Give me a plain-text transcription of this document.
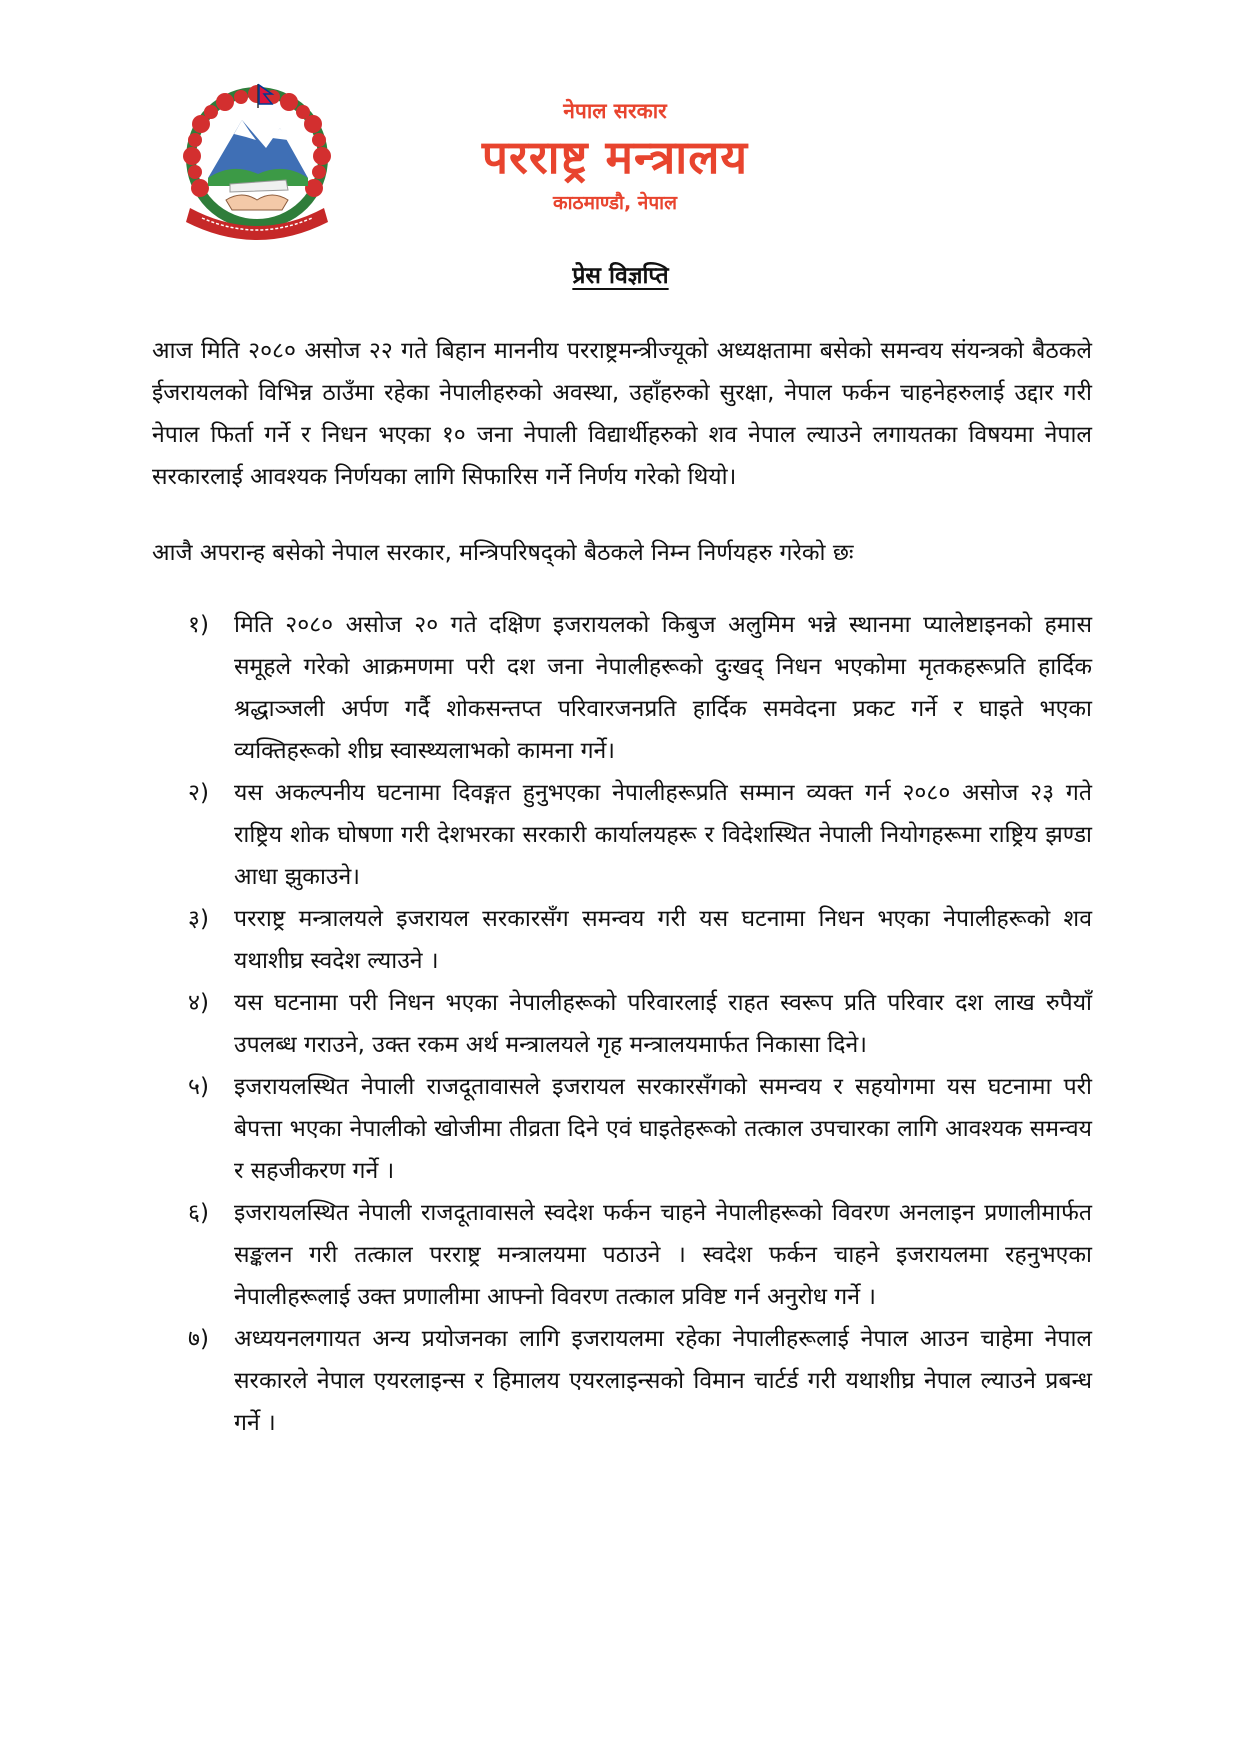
नेपाल सरकार
परराष्ट्र मन्त्रालय
काठमाण्डौ, नेपाल
प्रेस विज्ञप्ति

आज मिति २०८० असोज २२ गते बिहान माननीय परराष्ट्रमन्त्रीज्यूको अध्यक्षतामा बसेको समन्वय संयन्त्रको बैठकले ईजरायलको विभिन्न ठाउँमा रहेका नेपालीहरुको अवस्था, उहाँहरुको सुरक्षा, नेपाल फर्कन चाहनेहरुलाई उद्दार गरी नेपाल फिर्ता गर्ने र निधन भएका १० जना नेपाली विद्यार्थीहरुको शव नेपाल ल्याउने लगायतका विषयमा नेपाल सरकारलाई आवश्यक निर्णयका लागि सिफारिस गर्ने निर्णय गरेको थियो।

आजै अपरान्ह बसेको नेपाल सरकार, मन्त्रिपरिषद्को बैठकले निम्न निर्णयहरु गरेको छः

१)	मिति २०८० असोज २० गते दक्षिण इजरायलको किबुज अलुमिम भन्ने स्थानमा प्यालेष्टाइनको हमास समूहले गरेको आक्रमणमा परी दश जना नेपालीहरूको दुःखद् निधन भएकोमा मृतकहरूप्रति हार्दिक श्रद्धाञ्जली अर्पण गर्दै शोकसन्तप्त परिवारजनप्रति हार्दिक समवेदना प्रकट गर्ने र घाइते भएका व्यक्तिहरूको शीघ्र स्वास्थ्यलाभको कामना गर्ने।
२)	यस अकल्पनीय घटनामा दिवङ्गत हुनुभएका नेपालीहरूप्रति सम्मान व्यक्त गर्न २०८० असोज २३ गते राष्ट्रिय शोक घोषणा गरी देशभरका सरकारी कार्यालयहरू र विदेशस्थित नेपाली नियोगहरूमा राष्ट्रिय झण्डा आधा झुकाउने।
३)	परराष्ट्र मन्त्रालयले इजरायल सरकारसँग समन्वय गरी यस घटनामा निधन भएका नेपालीहरूको शव यथाशीघ्र स्वदेश ल्याउने ।
४)	यस घटनामा परी निधन भएका नेपालीहरूको परिवारलाई राहत स्वरूप प्रति परिवार दश लाख रुपैयाँ उपलब्ध गराउने, उक्त रकम अर्थ मन्त्रालयले गृह मन्त्रालयमार्फत निकासा दिने।
५)	इजरायलस्थित नेपाली राजदूतावासले इजरायल सरकारसँगको समन्वय र सहयोगमा यस घटनामा परी बेपत्ता भएका नेपालीको खोजीमा तीव्रता दिने एवं घाइतेहरूको तत्काल उपचारका लागि आवश्यक समन्वय र सहजीकरण गर्ने ।
६)	इजरायलस्थित नेपाली राजदूतावासले स्वदेश फर्कन चाहने नेपालीहरूको विवरण अनलाइन प्रणालीमार्फत सङ्कलन गरी तत्काल परराष्ट्र मन्त्रालयमा पठाउने । स्वदेश फर्कन चाहने इजरायलमा रहनुभएका नेपालीहरूलाई उक्त प्रणालीमा आफ्नो विवरण तत्काल प्रविष्ट गर्न अनुरोध गर्ने ।
७)	अध्ययनलगायत अन्य प्रयोजनका लागि इजरायलमा रहेका नेपालीहरूलाई नेपाल आउन चाहेमा नेपाल सरकारले नेपाल एयरलाइन्स र हिमालय एयरलाइन्सको विमान चार्टर्ड गरी यथाशीघ्र नेपाल ल्याउने प्रबन्ध गर्ने ।
